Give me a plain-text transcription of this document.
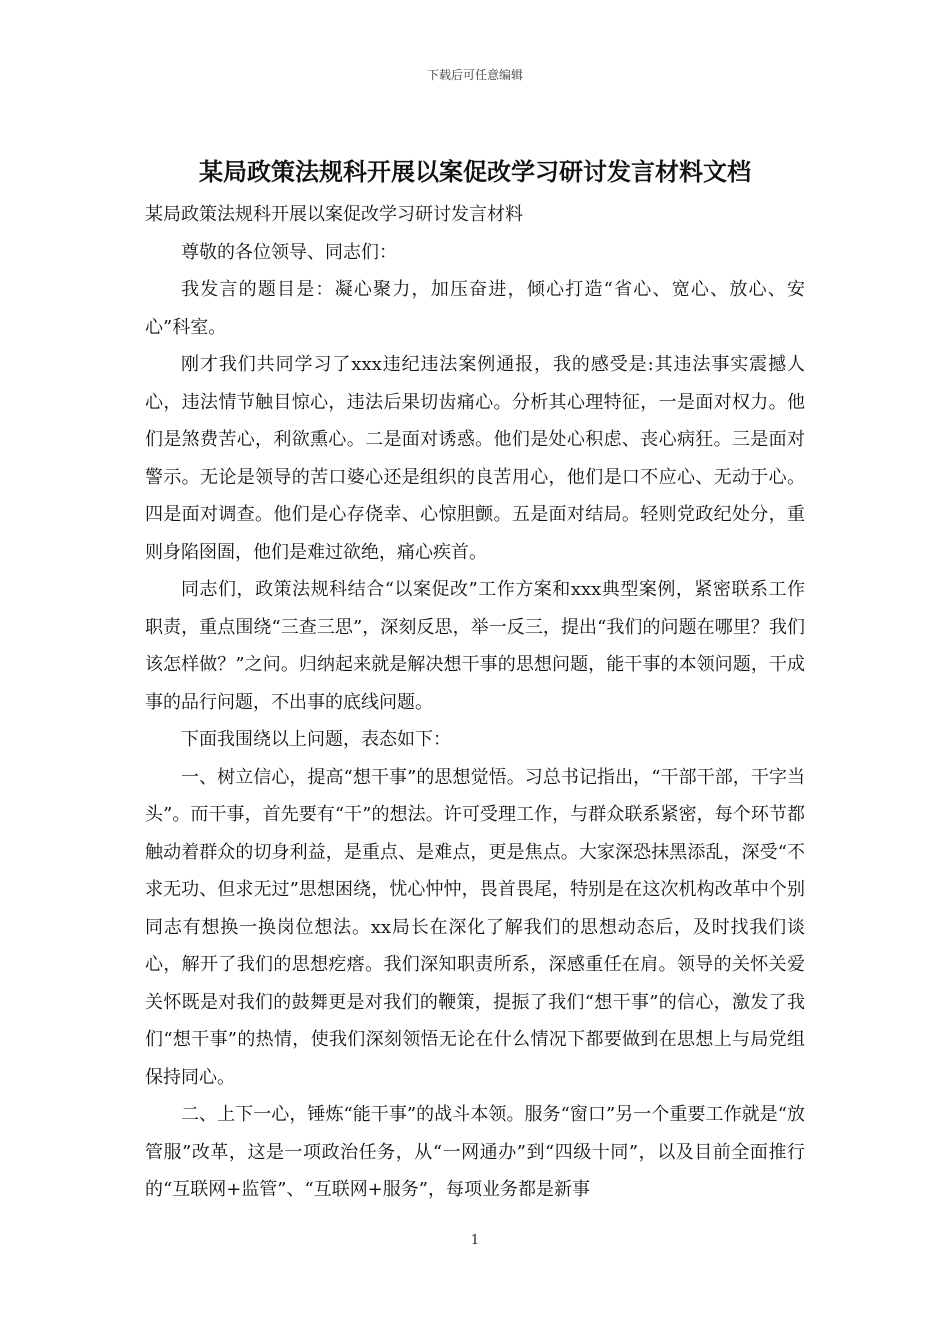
下载后可任意编辑
某局政策法规科开展以案促改学习研讨发言材料文档

某局政策法规科开展以案促改学习研讨发言材料

尊敬的各位领导、同志们：

我发言的题目是：凝心聚力，加压奋进，倾心打造“省心、宽心、放心、安心”科室。

刚才我们共同学习了xxx违纪违法案例通报，我的感受是:其违法事实震撼人心，违法情节触目惊心，违法后果切齿痛心。分析其心理特征，一是面对权力。他们是煞费苦心，利欲熏心。二是面对诱惑。他们是处心积虑、丧心病狂。三是面对警示。无论是领导的苦口婆心还是组织的良苦用心，他们是口不应心、无动于心。四是面对调查。他们是心存侥幸、心惊胆颤。五是面对结局。轻则党政纪处分，重则身陷囹圄，他们是难过欲绝，痛心疾首。

同志们，政策法规科结合“以案促改”工作方案和xxx典型案例，紧密联系工作职责，重点围绕“三查三思”，深刻反思，举一反三，提出“我们的问题在哪里？我们该怎样做？”之问。归纳起来就是解决想干事的思想问题，能干事的本领问题，干成事的品行问题，不出事的底线问题。

下面我围绕以上问题，表态如下：

一、树立信心，提高“想干事”的思想觉悟。习总书记指出，“干部干部，干字当头”。而干事，首先要有“干”的想法。许可受理工作，与群众联系紧密，每个环节都触动着群众的切身利益，是重点、是难点，更是焦点。大家深恐抹黑添乱，深受“不求无功、但求无过”思想困绕，忧心忡忡，畏首畏尾，特别是在这次机构改革中个别同志有想换一换岗位想法。xx局长在深化了解我们的思想动态后，及时找我们谈心，解开了我们的思想疙瘩。我们深知职责所系，深感重任在肩。领导的关怀关爱关怀既是对我们的鼓舞更是对我们的鞭策，提振了我们“想干事”的信心，激发了我们“想干事”的热情，使我们深刻领悟无论在什么情况下都要做到在思想上与局党组保持同心。

二、上下一心，锤炼“能干事”的战斗本领。服务“窗口”另一个重要工作就是“放管服”改革，这是一项政治任务，从“一网通办”到“四级十同”，以及目前全面推行的“互联网+监管”、“互联网+服务”，每项业务都是新事

1
